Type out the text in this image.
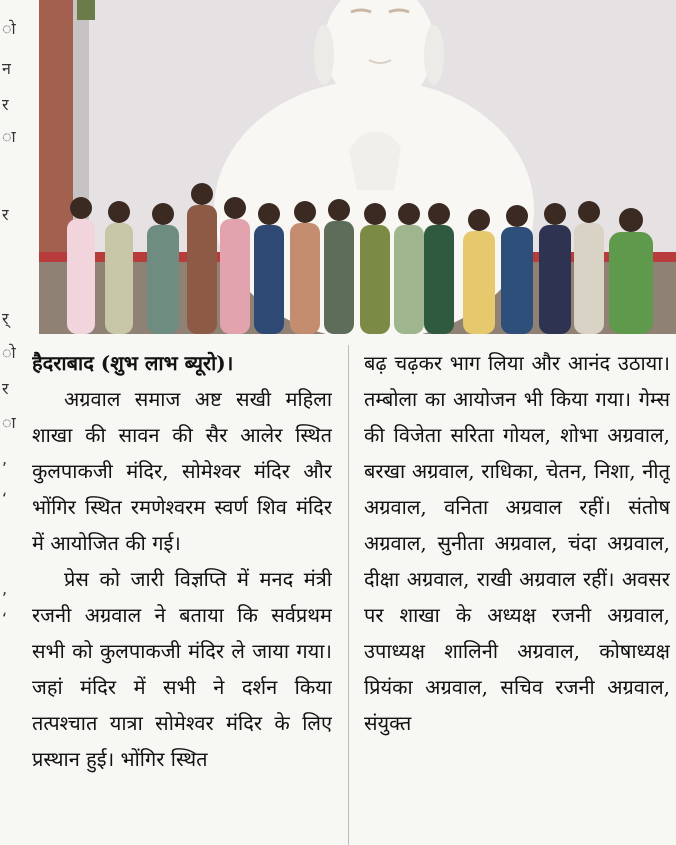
ो
न
र
ा
र
र्
ो
र
ा
,
‘
,
‘

हैदराबाद (शुभ लाभ ब्यूरो)।

अग्रवाल समाज अष्ट सखी महिला शाखा की सावन की सैर आलेर स्थित कुलपाकजी मंदिर, सोमेश्वर मंदिर और भोंगिर स्थित रमणेश्वरम स्वर्ण शिव मंदिर में आयोजित की गई।

प्रेस को जारी विज्ञप्ति में मनद मंत्री रजनी अग्रवाल ने बताया कि सर्वप्रथम सभी को कुलपाकजी मंदिर ले जाया गया। जहां मंदिर में सभी ने दर्शन किया तत्पश्चात यात्रा सोमेश्वर मंदिर के लिए प्रस्थान हुई। भोंगिर स्थित

बढ़ चढ़कर भाग लिया और आनंद उठाया। तम्बोला का आयोजन भी किया गया। गेम्स की विजेता सरिता गोयल, शोभा अग्रवाल, बरखा अग्रवाल, राधिका, चेतन, निशा, नीतू अग्रवाल, वनिता अग्रवाल रहीं। संतोष अग्रवाल, सुनीता अग्रवाल, चंदा अग्रवाल, दीक्षा अग्रवाल, राखी अग्रवाल रहीं। अवसर पर शाखा के अध्यक्ष रजनी अग्रवाल, उपाध्यक्ष शालिनी अग्रवाल, कोषाध्यक्ष प्रियंका अग्रवाल, सचिव रजनी अग्रवाल, संयुक्त
